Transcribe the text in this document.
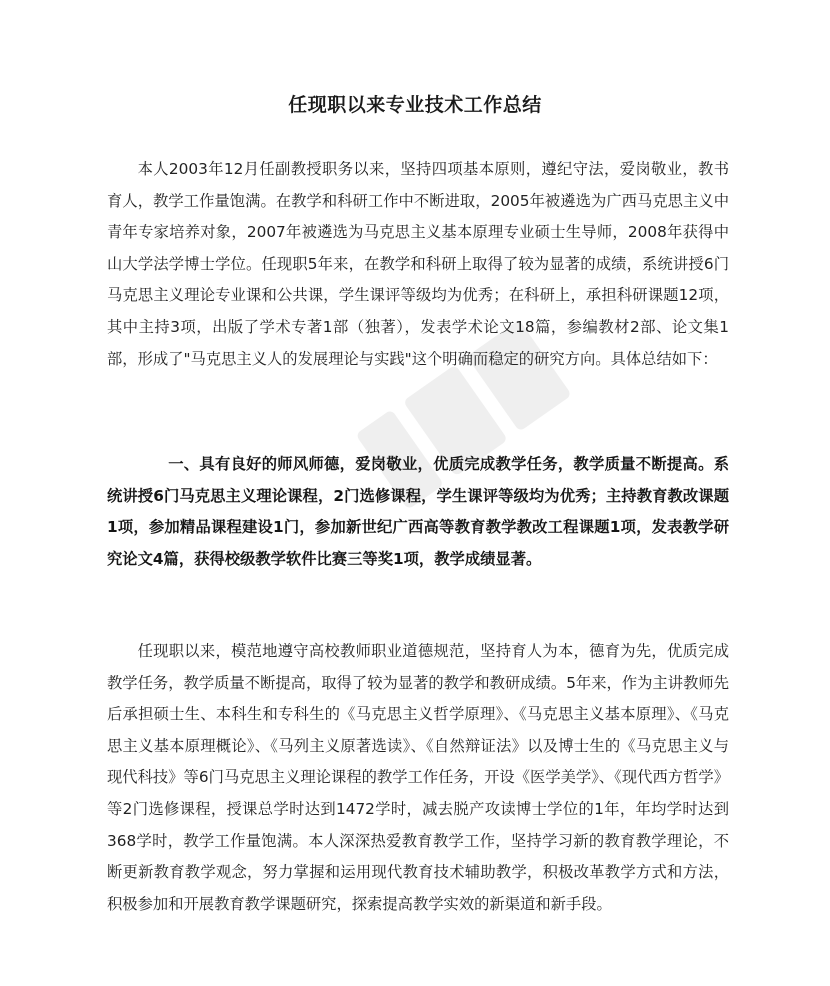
任现职以来专业技术工作总结
本人2003年12月任副教授职务以来，坚持四项基本原则，遵纪守法，爱岗敬业，教书育人，教学工作量饱满。在教学和科研工作中不断进取，2005年被遴选为广西马克思主义中青年专家培养对象，2007年被遴选为马克思主义基本原理专业硕士生导师，2008年获得中山大学法学博士学位。任现职5年来，在教学和科研上取得了较为显著的成绩，系统讲授6门马克思主义理论专业课和公共课，学生课评等级均为优秀；在科研上，承担科研课题12项，其中主持3项，出版了学术专著1部（独著），发表学术论文18篇，参编教材2部、论文集1部，形成了"马克思主义人的发展理论与实践"这个明确而稳定的研究方向。具体总结如下：
一、具有良好的师风师德，爱岗敬业，优质完成教学任务，教学质量不断提高。系统讲授6门马克思主义理论课程，2门选修课程，学生课评等级均为优秀；主持教育教改课题1项，参加精品课程建设1门，参加新世纪广西高等教育教学教改工程课题1项，发表教学研究论文4篇，获得校级教学软件比赛三等奖1项，教学成绩显著。
任现职以来，模范地遵守高校教师职业道德规范，坚持育人为本，德育为先，优质完成教学任务，教学质量不断提高，取得了较为显著的教学和教研成绩。5年来，作为主讲教师先后承担硕士生、本科生和专科生的《马克思主义哲学原理》、《马克思主义基本原理》、《马克思主义基本原理概论》、《马列主义原著选读》、《自然辩证法》以及博士生的《马克思主义与现代科技》等6门马克思主义理论课程的教学工作任务，开设《医学美学》、《现代西方哲学》等2门选修课程，授课总学时达到1472学时，减去脱产攻读博士学位的1年，年均学时达到368学时，教学工作量饱满。本人深深热爱教育教学工作，坚持学习新的教育教学理论，不断更新教育教学观念，努力掌握和运用现代教育技术辅助教学，积极改革教学方式和方法，积极参加和开展教育教学课题研究，探索提高教学实效的新渠道和新手段。
